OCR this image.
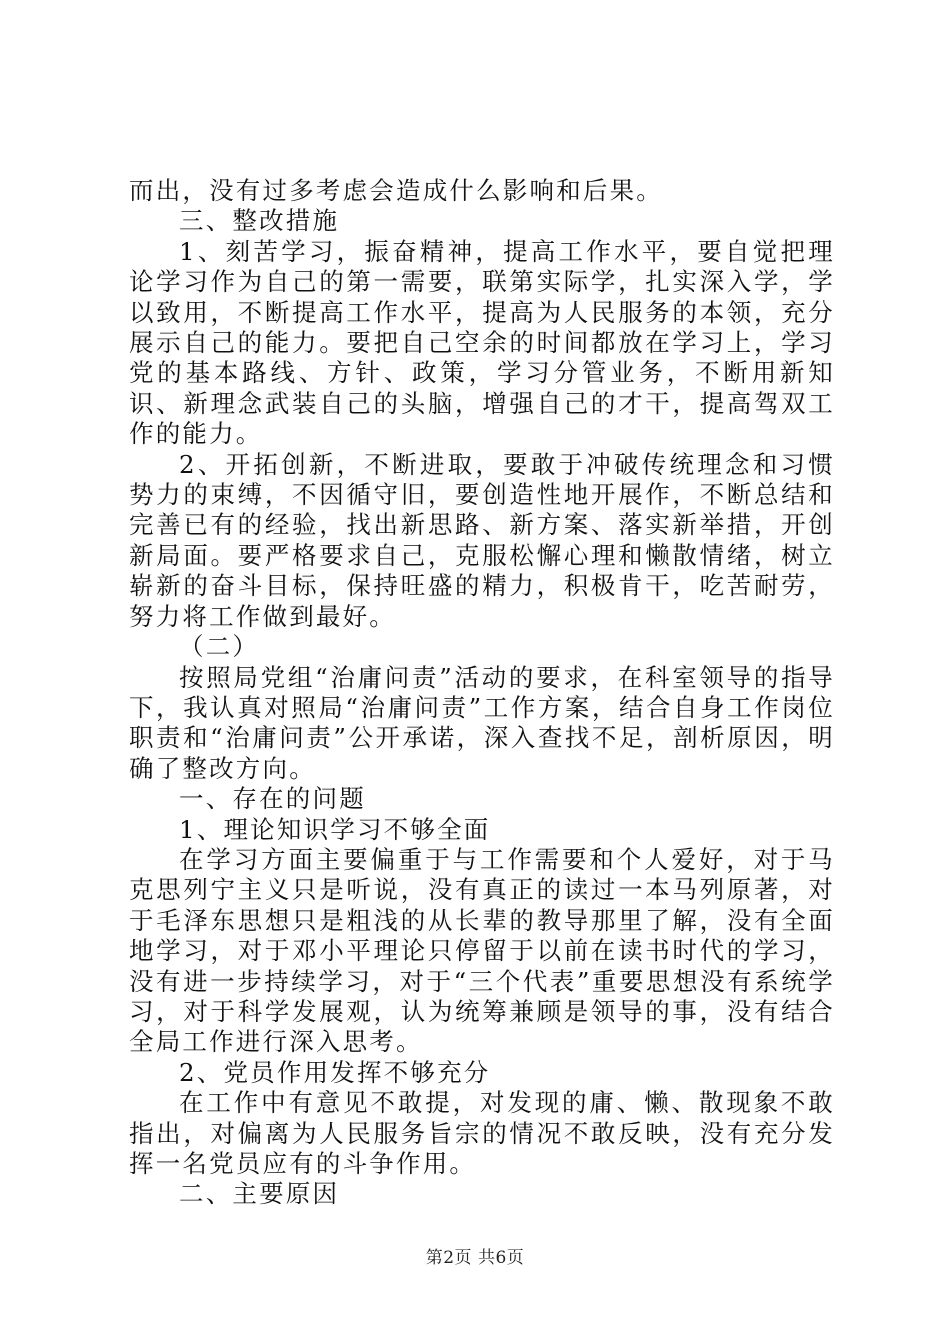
而出，没有过多考虑会造成什么影响和后果。

三、整改措施

1、刻苦学习，振奋精神，提高工作水平，要自觉把理论学习作为自己的第一需要，联第实际学，扎实深入学，学以致用，不断提高工作水平，提高为人民服务的本领，充分展示自己的能力。要把自己空余的时间都放在学习上，学习党的基本路线、方针、政策，学习分管业务，不断用新知识、新理念武装自己的头脑，增强自己的才干，提高驾双工作的能力。

2、开拓创新，不断进取，要敢于冲破传统理念和习惯势力的束缚，不因循守旧，要创造性地开展作，不断总结和完善已有的经验，找出新思路、新方案、落实新举措，开创新局面。要严格要求自己，克服松懈心理和懒散情绪，树立崭新的奋斗目标，保持旺盛的精力，积极肯干，吃苦耐劳，努力将工作做到最好。

（二）

按照局党组“治庸问责”活动的要求，在科室领导的指导下，我认真对照局“治庸问责”工作方案，结合自身工作岗位职责和“治庸问责”公开承诺，深入查找不足，剖析原因，明确了整改方向。

一、存在的问题

1、理论知识学习不够全面

在学习方面主要偏重于与工作需要和个人爱好，对于马克思列宁主义只是听说，没有真正的读过一本马列原著，对于毛泽东思想只是粗浅的从长辈的教导那里了解，没有全面地学习，对于邓小平理论只停留于以前在读书时代的学习，没有进一步持续学习，对于“三个代表”重要思想没有系统学习，对于科学发展观，认为统筹兼顾是领导的事，没有结合全局工作进行深入思考。

2、党员作用发挥不够充分

在工作中有意见不敢提，对发现的庸、懒、散现象不敢指出，对偏离为人民服务旨宗的情况不敢反映，没有充分发挥一名党员应有的斗争作用。

二、主要原因

第2页 共6页
